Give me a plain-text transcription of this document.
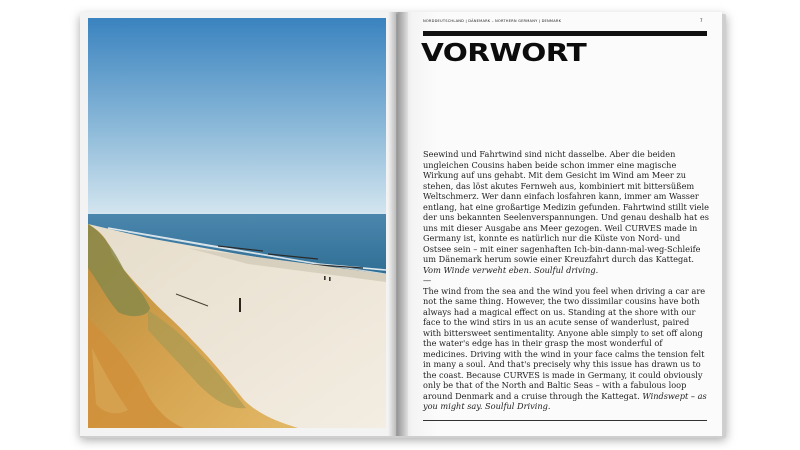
NORDDEUTSCHLAND | DÄNEMARK – NORTHERN GERMANY | DENMARK	7
VORWORT

Seewind und Fahrtwind sind nicht dasselbe. Aber die beiden ungleichen Cousins haben beide schon immer eine magische Wirkung auf uns gehabt. Mit dem Gesicht im Wind am Meer zu stehen, das löst akutes Fernweh aus, kombiniert mit bittersüßem Weltschmerz. Wer dann einfach losfahren kann, immer am Wasser entlang, hat eine großartige Medizin gefunden. Fahrtwind stillt viele der uns bekannten Seelenverspannungen. Und genau deshalb hat es uns mit dieser Ausgabe ans Meer gezogen. Weil CURVES made in Germany ist, konnte es natürlich nur die Küste von Nord- und Ostsee sein – mit einer sagenhaften Ich-bin-dann-mal-weg-Schleife um Dänemark herum sowie einer Kreuzfahrt durch das Kattegat. Vom Winde verweht eben. Soulful driving.

—

The wind from the sea and the wind you feel when driving a car are not the same thing. However, the two dissimilar cousins have both always had a magical effect on us. Standing at the shore with our face to the wind stirs in us an acute sense of wanderlust, paired with bittersweet sentimentality. Anyone able simply to set off along the water's edge has in their grasp the most wonderful of medicines. Driving with the wind in your face calms the tension felt in many a soul. And that's precisely why this issue has drawn us to the coast. Because CURVES is made in Germany, it could obviously only be that of the North and Baltic Seas – with a fabulous loop around Denmark and a cruise through the Kattegat. Windswept – as you might say. Soulful Driving.
